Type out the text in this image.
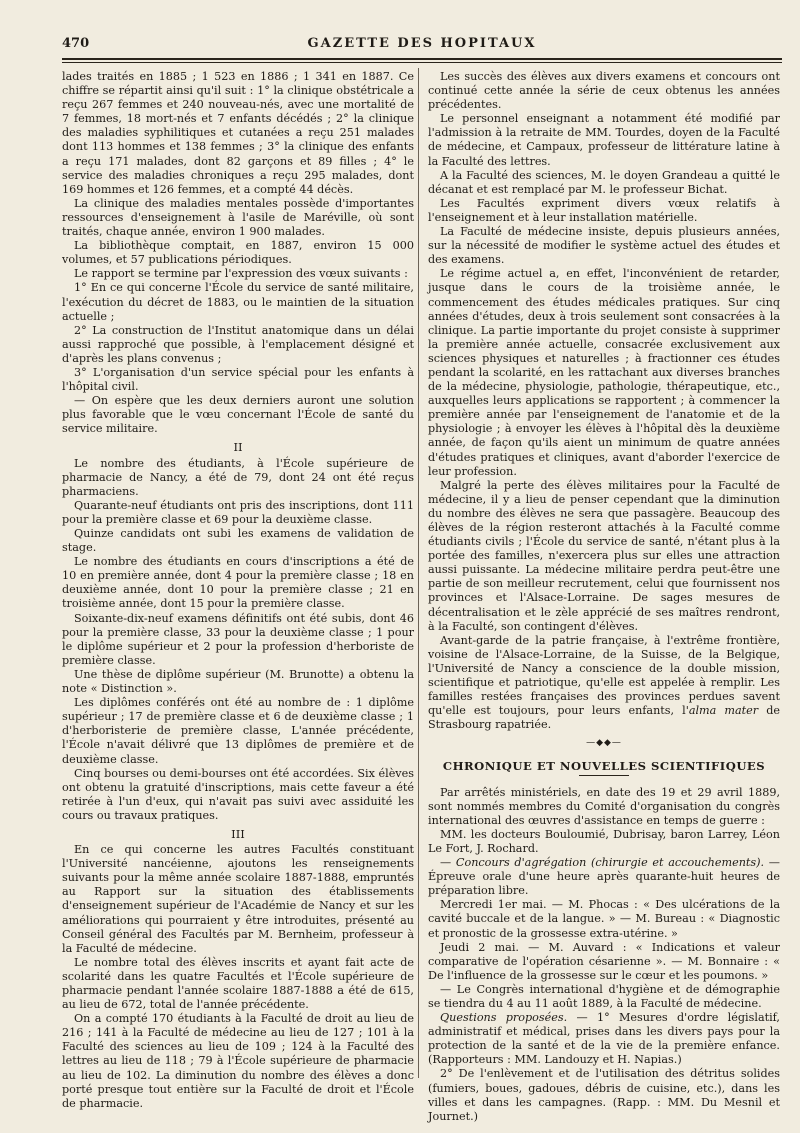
470	GAZETTE DES HOPITAUX

lades traités en 1885 ; 1 523 en 1886 ; 1 341 en 1887. Ce chiffre se répartit ainsi qu'il suit : 1° la clinique obstétricale a reçu 267 femmes et 240 nouveau-nés, avec une mortalité de 7 femmes, 18 mort-nés et 7 enfants décédés ; 2° la clinique des maladies syphilitiques et cutanées a reçu 251 malades dont 113 hommes et 138 femmes ; 3° la clinique des enfants a reçu 171 malades, dont 82 garçons et 89 filles ; 4° le service des maladies chroniques a reçu 295 malades, dont 169 hommes et 126 femmes, et a compté 44 décès.

La clinique des maladies mentales possède d'importantes ressources d'enseignement à l'asile de Maréville, où sont traités, chaque année, environ 1 900 malades.

La bibliothèque comptait, en 1887, environ 15 000 volumes, et 57 publications périodiques.

Le rapport se termine par l'expression des vœux suivants :

1° En ce qui concerne l'École du service de santé militaire, l'exécution du décret de 1883, ou le maintien de la situation actuelle ;

2° La construction de l'Institut anatomique dans un délai aussi rapproché que possible, à l'emplacement désigné et d'après les plans convenus ;

3° L'organisation d'un service spécial pour les enfants à l'hôpital civil.

— On espère que les deux derniers auront une solution plus favorable que le vœu concernant l'École de santé du service militaire.

II

Le nombre des étudiants, à l'École supérieure de pharmacie de Nancy, a été de 79, dont 24 ont été reçus pharmaciens.

Quarante-neuf étudiants ont pris des inscriptions, dont 111 pour la première classe et 69 pour la deuxième classe.

Quinze candidats ont subi les examens de validation de stage.

Le nombre des étudiants en cours d'inscriptions a été de 10 en première année, dont 4 pour la première classe ; 18 en deuxième année, dont 10 pour la première classe ; 21 en troisième année, dont 15 pour la première classe.

Soixante-dix-neuf examens définitifs ont été subis, dont 46 pour la première classe, 33 pour la deuxième classe ; 1 pour le diplôme supérieur et 2 pour la profession d'herboriste de première classe.

Une thèse de diplôme supérieur (M. Brunotte) a obtenu la note « Distinction ».

Les diplômes conférés ont été au nombre de : 1 diplôme supérieur ; 17 de première classe et 6 de deuxième classe ; 1 d'herboristerie de première classe, L'année précédente, l'École n'avait délivré que 13 diplômes de première et de deuxième classe.

Cinq bourses ou demi-bourses ont été accordées. Six élèves ont obtenu la gratuité d'inscriptions, mais cette faveur a été retirée à l'un d'eux, qui n'avait pas suivi avec assiduité les cours ou travaux pratiques.

III

En ce qui concerne les autres Facultés constituant l'Université nancéienne, ajoutons les renseignements suivants pour la même année scolaire 1887-1888, empruntés au Rapport sur la situation des établissements d'enseignement supérieur de l'Académie de Nancy et sur les améliorations qui pourraient y être introduites, présenté au Conseil général des Facultés par M. Bernheim, professeur à la Faculté de médecine.

Le nombre total des élèves inscrits et ayant fait acte de scolarité dans les quatre Facultés et l'École supérieure de pharmacie pendant l'année scolaire 1887-1888 a été de 615, au lieu de 672, total de l'année précédente.

On a compté 170 étudiants à la Faculté de droit au lieu de 216 ; 141 à la Faculté de médecine au lieu de 127 ; 101 à la Faculté des sciences au lieu de 109 ; 124 à la Faculté des lettres au lieu de 118 ; 79 à l'École supérieure de pharmacie au lieu de 102. La diminution du nombre des élèves a donc porté presque tout entière sur la Faculté de droit et l'École de pharmacie.

Les succès des élèves aux divers examens et concours ont continué cette année la série de ceux obtenus les années précédentes.

Le personnel enseignant a notamment été modifié par l'admission à la retraite de MM. Tourdes, doyen de la Faculté de médecine, et Campaux, professeur de littérature latine à la Faculté des lettres.

A la Faculté des sciences, M. le doyen Grandeau a quitté le décanat et est remplacé par M. le professeur Bichat.

Les Facultés expriment divers vœux relatifs à l'enseignement et à leur installation matérielle.

La Faculté de médecine insiste, depuis plusieurs années, sur la nécessité de modifier le système actuel des études et des examens.

Le régime actuel a, en effet, l'inconvénient de retarder, jusque dans le cours de la troisième année, le commencement des études médicales pratiques. Sur cinq années d'études, deux à trois seulement sont consacrées à la clinique. La partie importante du projet consiste à supprimer la première année actuelle, consacrée exclusivement aux sciences physiques et naturelles ; à fractionner ces études pendant la scolarité, en les rattachant aux diverses branches de la médecine, physiologie, pathologie, thérapeutique, etc., auxquelles leurs applications se rapportent ; à commencer la première année par l'enseignement de l'anatomie et de la physiologie ; à envoyer les élèves à l'hôpital dès la deuxième année, de façon qu'ils aient un minimum de quatre années d'études pratiques et cliniques, avant d'aborder l'exercice de leur profession.

Malgré la perte des élèves militaires pour la Faculté de médecine, il y a lieu de penser cependant que la diminution du nombre des élèves ne sera que passagère. Beaucoup des élèves de la région resteront attachés à la Faculté comme étudiants civils ; l'École du service de santé, n'étant plus à la portée des familles, n'exercera plus sur elles une attraction aussi puissante. La médecine militaire perdra peut-être une partie de son meilleur recrutement, celui que fournissent nos provinces et l'Alsace-Lorraine. De sages mesures de décentralisation et le zèle apprécié de ses maîtres rendront, à la Faculté, son contingent d'élèves.

Avant-garde de la patrie française, à l'extrême frontière, voisine de l'Alsace-Lorraine, de la Suisse, de la Belgique, l'Université de Nancy a conscience de la double mission, scientifique et patriotique, qu'elle est appelée à remplir. Les familles restées françaises des provinces perdues savent qu'elle est toujours, pour leurs enfants, l'alma mater de Strasbourg rapatriée.

—◆◆—

CHRONIQUE ET NOUVELLES SCIENTIFIQUES

Par arrêtés ministériels, en date des 19 et 29 avril 1889, sont nommés membres du Comité d'organisation du congrès international des œuvres d'assistance en temps de guerre :

MM. les docteurs Bouloumié, Dubrisay, baron Larrey, Léon Le Fort, J. Rochard.

— Concours d'agrégation (chirurgie et accouchements). — Épreuve orale d'une heure après quarante-huit heures de préparation libre.

Mercredi 1er mai. — M. Phocas : « Des ulcérations de la cavité buccale et de la langue. » — M. Bureau : « Diagnostic et pronostic de la grossesse extra-utérine. »

Jeudi 2 mai. — M. Auvard : « Indications et valeur comparative de l'opération césarienne ». — M. Bonnaire : « De l'influence de la grossesse sur le cœur et les poumons. »

— Le Congrès international d'hygiène et de démographie se tiendra du 4 au 11 août 1889, à la Faculté de médecine.

Questions proposées. — 1° Mesures d'ordre législatif, administratif et médical, prises dans les divers pays pour la protection de la santé et de la vie de la première enfance. (Rapporteurs : MM. Landouzy et H. Napias.)

2° De l'enlèvement et de l'utilisation des détritus solides (fumiers, boues, gadoues, débris de cuisine, etc.), dans les villes et dans les campagnes. (Rapp. : MM. Du Mesnil et Journet.)
